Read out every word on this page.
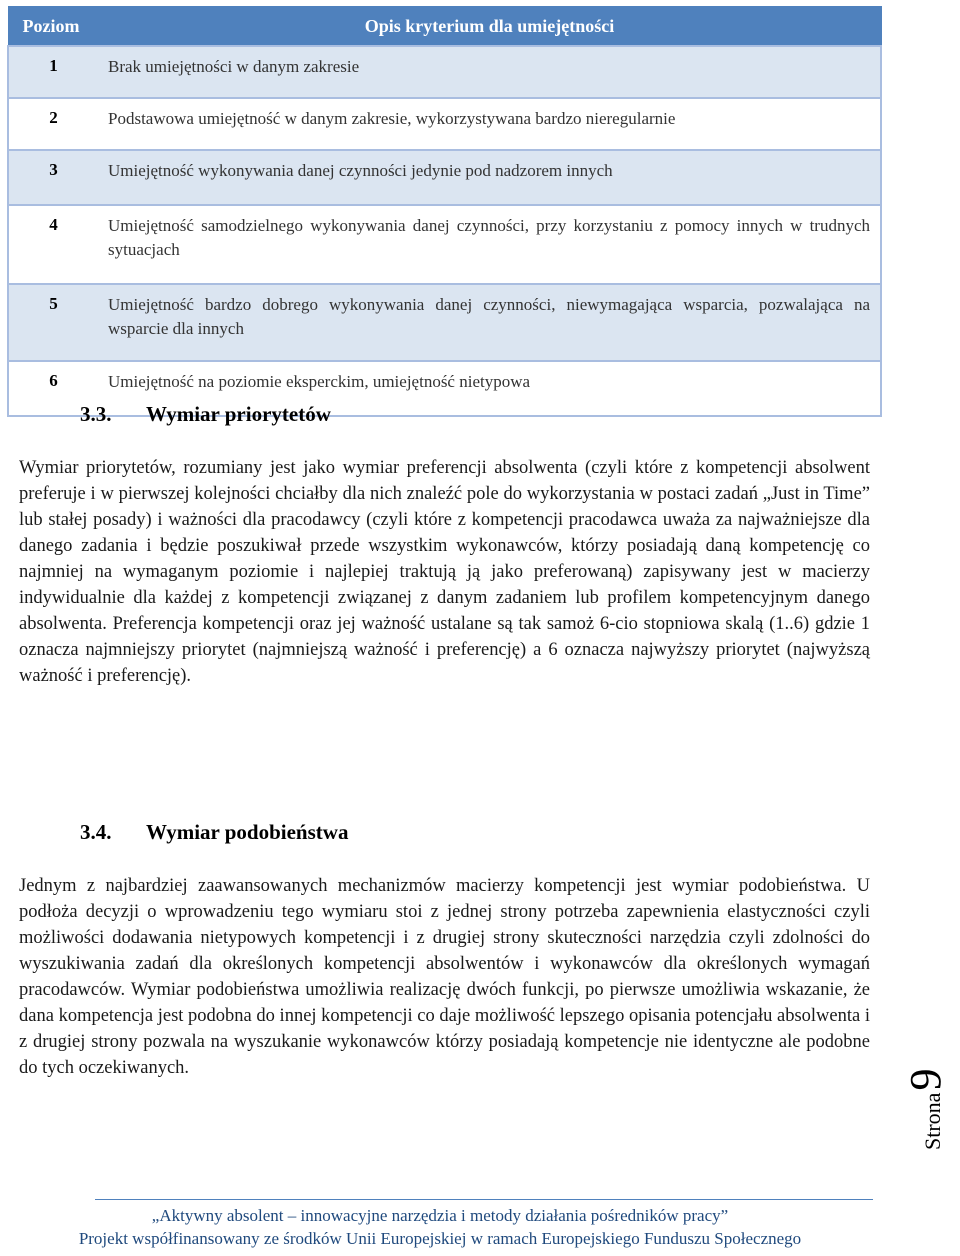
Poziom	Opis kryterium dla umiejętności
1	Brak umiejętności w danym zakresie
2	Podstawowa umiejętność w danym zakresie, wykorzystywana bardzo nieregularnie
3	Umiejętność wykonywania danej czynności jedynie pod nadzorem innych
4	Umiejętność samodzielnego wykonywania danej czynności, przy korzystaniu z pomocy innych w trudnych sytuacjach
5	Umiejętność bardzo dobrego wykonywania danej czynności, niewymagająca wsparcia, pozwalająca na wsparcie dla innych
6	Umiejętność na poziomie eksperckim, umiejętność nietypowa
3.3. Wymiar priorytetów

Wymiar priorytetów, rozumiany jest jako wymiar preferencji absolwenta (czyli które z kompetencji absolwent preferuje i w pierwszej kolejności chciałby dla nich znaleźć pole do wykorzystania w postaci zadań „Just in Time” lub stałej posady) i ważności dla pracodawcy (czyli które z kompetencji pracodawca uważa za najważniejsze dla danego zadania i będzie poszukiwał przede wszystkim wykonawców, którzy posiadają daną kompetencję co najmniej na wymaganym poziomie i najlepiej traktują ją jako preferowaną) zapisywany jest w macierzy indywidualnie dla każdej z kompetencji związanej z danym zadaniem lub profilem kompetencyjnym danego absolwenta. Preferencja kompetencji oraz jej ważność ustalane są tak samoż 6-cio stopniowa skalą (1..6) gdzie 1 oznacza najmniejszy priorytet (najmniejszą ważność i preferencję) a 6 oznacza najwyższy priorytet (najwyższą ważność i preferencję).

3.4. Wymiar podobieństwa

Jednym z najbardziej zaawansowanych mechanizmów macierzy kompetencji jest wymiar podobieństwa. U podłoża decyzji o wprowadzeniu tego wymiaru stoi z jednej strony potrzeba zapewnienia elastyczności czyli możliwości dodawania nietypowych kompetencji i z drugiej strony skuteczności narzędzia czyli zdolności do wyszukiwania zadań dla określonych kompetencji absolwentów i wykonawców dla określonych wymagań pracodawców. Wymiar podobieństwa umożliwia realizację dwóch funkcji, po pierwsze umożliwia wskazanie, że dana kompetencja jest podobna do innej kompetencji co daje możliwość lepszego opisania potencjału absolwenta i z drugiej strony pozwala na wyszukanie wykonawców którzy posiadają kompetencje nie identyczne ale podobne do tych oczekiwanych.

Strona9

„Aktywny absolent – innowacyjne narzędzia i metody działania pośredników pracy”

Projekt współfinansowany ze środków Unii Europejskiej w ramach Europejskiego Funduszu Społecznego
